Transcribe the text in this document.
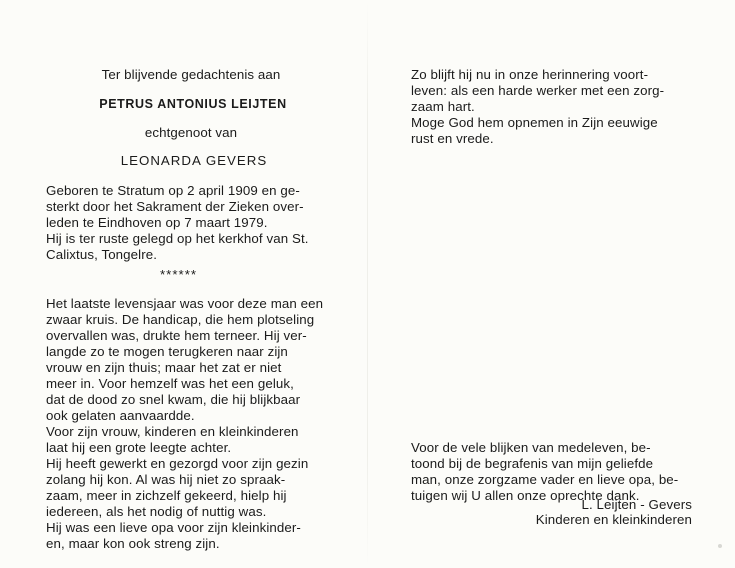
Ter blijvende gedachtenis aan
PETRUS ANTONIUS LEIJTEN
echtgenoot van
LEONARDA GEVERS
Geboren te Stratum op 2 april 1909 en ge-
sterkt door het Sakrament der Zieken over-
leden te Eindhoven op 7 maart 1979.
Hij is ter ruste gelegd op het kerkhof van St.
Calixtus, Tongelre.
******
Het laatste levensjaar was voor deze man een
zwaar kruis. De handicap, die hem plotseling
overvallen was, drukte hem terneer. Hij ver-
langde zo te mogen terugkeren naar zijn
vrouw en zijn thuis; maar het zat er niet
meer in. Voor hemzelf was het een geluk,
dat de dood zo snel kwam, die hij blijkbaar
ook gelaten aanvaardde.
Voor zijn vrouw, kinderen en kleinkinderen
laat hij een grote leegte achter.
Hij heeft gewerkt en gezorgd voor zijn gezin
zolang hij kon. Al was hij niet zo spraak-
zaam, meer in zichzelf gekeerd, hielp hij
iedereen, als het nodig of nuttig was.
Hij was een lieve opa voor zijn kleinkinder-
en, maar kon ook streng zijn.
Zo blijft hij nu in onze herinnering voort-
leven: als een harde werker met een zorg-
zaam hart.
Moge God hem opnemen in Zijn eeuwige
rust en vrede.
Voor de vele blijken van medeleven, be-
toond bij de begrafenis van mijn geliefde
man, onze zorgzame vader en lieve opa, be-
tuigen wij U allen onze oprechte dank.
L. Leijten - Gevers
Kinderen en kleinkinderen
